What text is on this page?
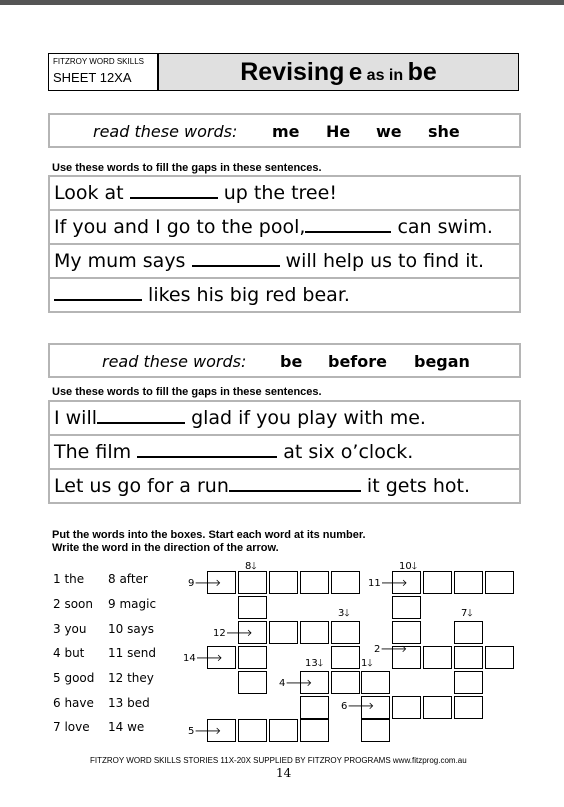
FITZROY WORD SKILLS
SHEET 12XA	Revising e as in be
read these words: me He we she
Use these words to fill the gaps in these sentences.
Look at	up the tree!
If you and I go to the pool,	can swim.
My mum says	will help us to find it.
likes his big red bear.
read these words: be before began
Use these words to fill the gaps in these sentences.
I will	glad if you play with me.
The film	at six o’clock.
Let us go for a run	it gets hot.
Put the words into the boxes. Start each word at its number.
Write the word in the direction of the arrow.
1 the 8 after
2 soon 9 magic
3 you 10 says
4 but 11 send
5 good 12 they
6 have 13 bed
7 love 14 we
8🡓	10🡓
9🡒	11🡒
3🡓	7🡓
12🡒
2🡒
14🡒	13🡓	1🡓
4🡒
6🡒
5🡒
FITZROY WORD SKILLS STORIES 11X-20X SUPPLIED BY FITZROY PROGRAMS www.fitzprog.com.au
14
